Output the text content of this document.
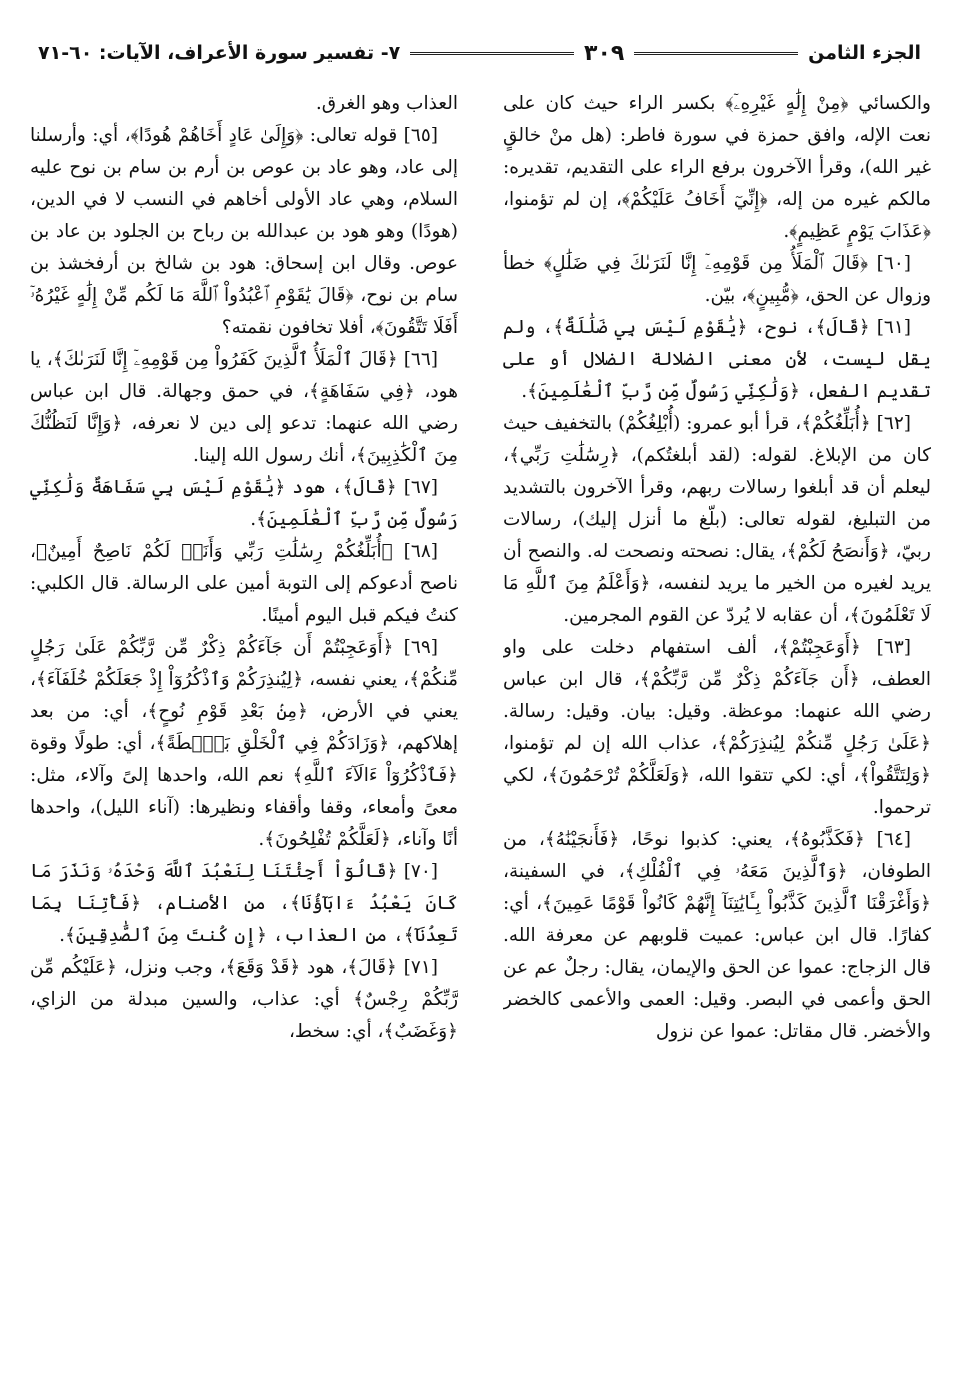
الجزء الثامن
٣٠٩
٧- تفسير سورة الأعراف، الآيات: ٦٠-٧١

والكسائي ﴿مِنْ إِلَٰهٍ غَيْرِهِۦٓ﴾ بكسر الراء حيث كان على نعت الإله، وافق حمزة في سورة فاطر: (هل منْ خالقٍ غير الله)، وقرأ الآخرون برفع الراء على التقديم، تقديره: مالكم غيره من إله، ﴿إِنِّيٓ أَخَافُ عَلَيْكُمْ﴾، إن لم تؤمنوا، ﴿عَذَابَ يَوْمٍ عَظِيمٍ﴾.

[٦٠] ﴿قَالَ ٱلْمَلَأُ مِن قَوْمِهِۦٓ إِنَّا لَنَرَىٰكَ فِي ضَلَٰلٍ﴾ خطأ وزوال عن الحق، ﴿مُّبِينٍ﴾، بيّن.

[٦١] ﴿قَالَ﴾، نوح، ﴿يَٰقَوْمِ لَيْسَ بِي ضَلَٰلَةٌ﴾، ولم يقل ليست، لأن معنى الضلالة الضلال أو على تقديم الفعل، ﴿وَلَٰكِنِّي رَسُولٌ مِّن رَّبِّ ٱلْعَٰلَمِينَ﴾.

[٦٢] ﴿أُبَلِّغُكُمْ﴾، قرأ أبو عمرو: (أُبْلِغُكُمْ) بالتخفيف حيث كان من الإبلاغ. لقوله: (لقد أبلغتُكم)، ﴿رِسَٰلَٰتِ رَبِّي﴾، ليعلم أن قد أبلغوا رسالات ربهم، وقرأ الآخرون بالتشديد من التبليغ، لقوله تعالى: (بلّغ ما أنزل إليك)، رسالات ربيّ، ﴿وَأَنصَحُ لَكُمْ﴾، يقال: نصحته ونصحت له. والنصح أن يريد لغيره من الخير ما يريد لنفسه، ﴿وَأَعْلَمُ مِنَ ٱللَّهِ مَا لَا تَعْلَمُونَ﴾، أن عقابه لا يُردّ عن القوم المجرمين.

[٦٣] ﴿أَوَعَجِبْتُمْ﴾، ألف استفهام دخلت على واو العطف، ﴿أَن جَآءَكُمْ ذِكْرٌ مِّن رَّبِّكُمْ﴾، قال ابن عباس رضي الله عنهما: موعظة. وقيل: بيان. وقيل: رسالة. ﴿عَلَىٰ رَجُلٍ مِّنكُمْ لِيُنذِرَكُمْ﴾، عذاب الله إن لم تؤمنوا، ﴿وَلِتَتَّقُواْ﴾، أي: لكي تتقوا الله، ﴿وَلَعَلَّكُمْ تُرْحَمُونَ﴾، لكي ترحموا.

[٦٤] ﴿فَكَذَّبُوهُ﴾، يعني: كذبوا نوحًا، ﴿فَأَنجَيْنَٰهُ﴾، من الطوفان، ﴿وَٱلَّذِينَ مَعَهُۥ فِي ٱلْفُلْكِ﴾، في السفينة، ﴿وَأَغْرَقْنَا ٱلَّذِينَ كَذَّبُواْ بِـَٔايَٰتِنَآ إِنَّهُمْ كَانُواْ قَوْمًا عَمِينَ﴾، أي: كفارًا. قال ابن عباس: عميت قلوبهم عن معرفة الله. قال الزجاج: عموا عن الحق والإيمان، يقال: رجلٌ عم عن الحق وأعمى في البصر. وقيل: العمى والأعمى كالخضر والأخضر. قال مقاتل: عموا عن نزول

العذاب وهو الغرق.

[٦٥] قوله تعالى: ﴿وَإِلَىٰ عَادٍ أَخَاهُمْ هُودًا﴾، أي: وأرسلنا إلى عاد، وهو عاد بن عوص بن أرم بن سام بن نوح عليه السلام، وهي عاد الأولى أخاهم في النسب لا في الدين، (هودًا) وهو هود بن عبدالله بن رباح بن الجلود بن عاد بن عوص. وقال ابن إسحاق: هود بن شالخ بن أرفخشذ بن سام بن نوح، ﴿قَالَ يَٰقَوْمِ ٱعْبُدُواْ ٱللَّهَ مَا لَكُم مِّنْ إِلَٰهٍ غَيْرُهُۥٓ أَفَلَا تَتَّقُونَ﴾، أفلا تخافون نقمته؟

[٦٦] ﴿قَالَ ٱلْمَلَأُ ٱلَّذِينَ كَفَرُواْ مِن قَوْمِهِۦٓ إِنَّا لَنَرَىٰكَ﴾، يا هود، ﴿فِي سَفَاهَةٍ﴾، في حمق وجهالة. قال ابن عباس رضي الله عنهما: تدعو إلى دين لا نعرفه، ﴿وَإِنَّا لَنَظُنُّكَ مِنَ ٱلْكَٰذِبِينَ﴾، أنك رسول الله إلينا.

[٦٧] ﴿قَالَ﴾، هود ﴿يَٰقَوْمِ لَيْسَ بِي سَفَاهَةٌ وَلَٰكِنِّي رَسُولٌ مِّن رَّبِّ ٱلْعَٰلَمِينَ﴾.

[٦٨] ﴿أُبَلِّغُكُمْ رِسَٰلَٰتِ رَبِّي وَأَنَا۠ لَكُمْ نَاصِحٌ أَمِينٌ﴾، ناصح أدعوكم إلى التوبة أمين على الرسالة. قال الكلبي: كنتُ فيكم قبل اليوم أمينًا.

[٦٩] ﴿أَوَعَجِبْتُمْ أَن جَآءَكُمْ ذِكْرٌ مِّن رَّبِّكُمْ عَلَىٰ رَجُلٍ مِّنكُمْ﴾، يعني نفسه، ﴿لِيُنذِرَكُمْ وَٱذْكُرُوٓاْ إِذْ جَعَلَكُمْ خُلَفَآءَ﴾، يعني في الأرض، ﴿مِنۢ بَعْدِ قَوْمِ نُوحٍ﴾، أي: من بعد إهلاكهم، ﴿وَزَادَكُمْ فِي ٱلْخَلْقِ بَصْۜطَةً﴾، أي: طولًا وقوة ﴿فَٱذْكُرُوٓاْ ءَالَآءَ ٱللَّهِ﴾ نعم الله، واحدها إلىً وآلاء، مثل: معىً وأمعاء، وقفا وأقفاء ونظيرها: (آناء الليل)، واحدها أنًا وآناء، ﴿لَعَلَّكُمْ تُفْلِحُونَ﴾.

[٧٠] ﴿قَالُوٓاْ أَجِئْتَنَا لِنَعْبُدَ ٱللَّهَ وَحْدَهُۥ وَنَذَرَ مَا كَانَ يَعْبُدُ ءَابَآؤُنَا﴾، من الأصنام، ﴿فَأْتِنَا بِمَا تَعِدُنَآ﴾، من العذاب، ﴿إِن كُنتَ مِنَ ٱلصَّٰدِقِينَ﴾.

[٧١] ﴿قَالَ﴾، هود ﴿قَدْ وَقَعَ﴾، وجب ونزل، ﴿عَلَيْكُم مِّن رَّبِّكُمْ رِجْسٌ﴾ أي: عذاب، والسين مبدلة من الزاي، ﴿وَغَضَبٌ﴾، أي: سخط،
